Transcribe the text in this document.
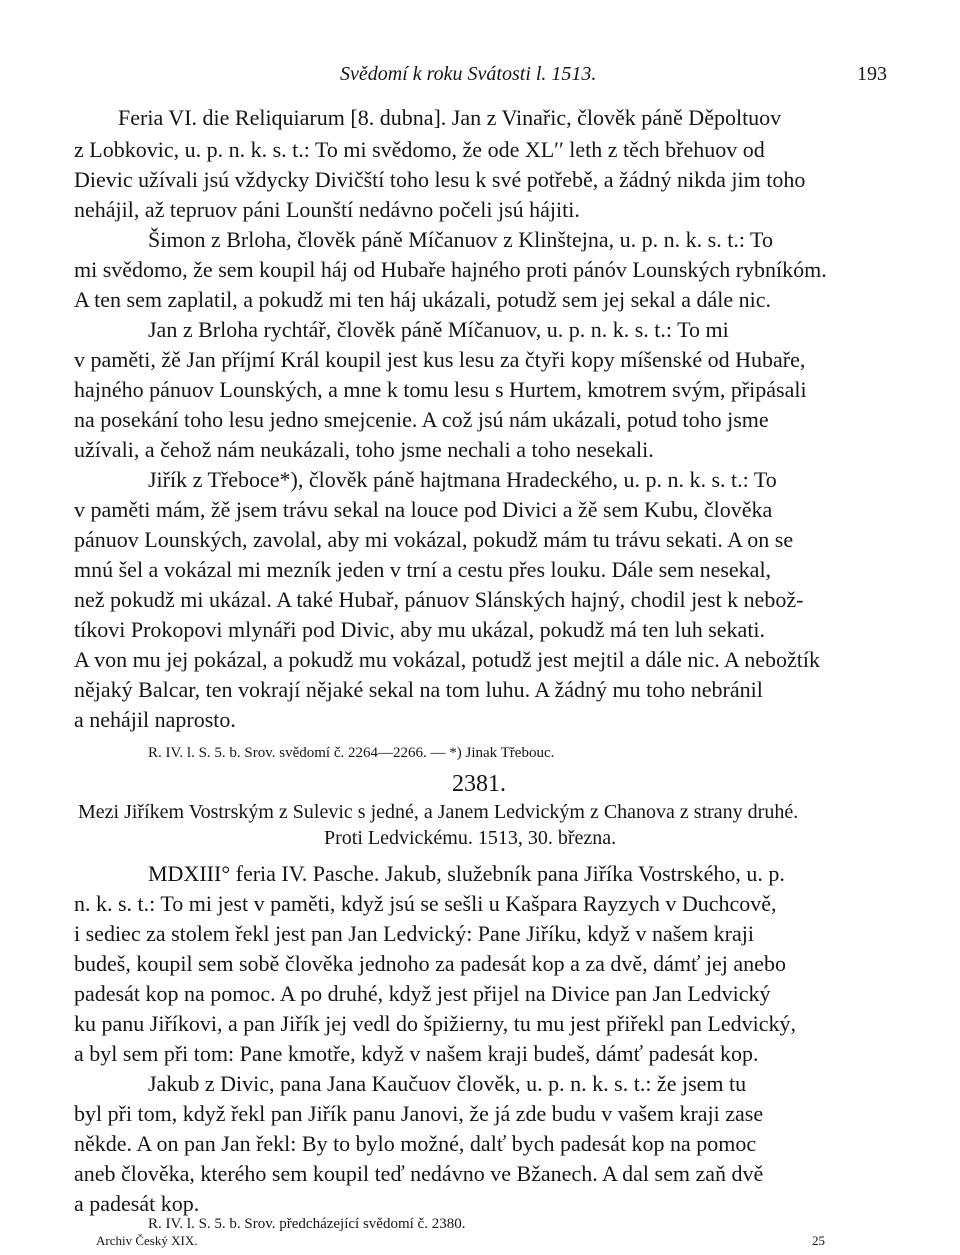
Svědomí k roku Svátosti l. 1513.	193
Feria VI. die Reliquiarum [8. dubna]. Jan z Vinařic, člověk páně Děpoltuov
z Lobkovic, u. p. n. k. s. t.: To mi svědomo, že ode XL′′ leth z těch břehuov od
Dievic užívali jsú vždycky Divičští toho lesu k své potřebě, a žádný nikda jim toho
nehájil, až tepruov páni Lounští nedávno počeli jsú hájiti.
Šimon z Brloha, člověk páně Míčanuov z Klinštejna, u. p. n. k. s. t.: To
mi svědomo, že sem koupil háj od Hubaře hajného proti pánóv Lounských rybníkóm.
A ten sem zaplatil, a pokudž mi ten háj ukázali, potudž sem jej sekal a dále nic.
Jan z Brloha rychtář, člověk páně Míčanuov, u. p. n. k. s. t.: To mi
v paměti, žě Jan příjmí Král koupil jest kus lesu za čtyři kopy míšenské od Hubaře,
hajného pánuov Lounských, a mne k tomu lesu s Hurtem, kmotrem svým, připásali
na posekání toho lesu jedno smejcenie. A což jsú nám ukázali, potud toho jsme
užívali, a čehož nám neukázali, toho jsme nechali a toho nesekali.
Jiřík z Třeboce*), člověk páně hajtmana Hradeckého, u. p. n. k. s. t.: To
v paměti mám, žě jsem trávu sekal na louce pod Divici a žě sem Kubu, člověka
pánuov Lounských, zavolal, aby mi vokázal, pokudž mám tu trávu sekati. A on se
mnú šel a vokázal mi mezník jeden v trní a cestu přes louku. Dále sem nesekal,
než pokudž mi ukázal. A také Hubař, pánuov Slánských hajný, chodil jest k nebož-
tíkovi Prokopovi mlynáři pod Divic, aby mu ukázal, pokudž má ten luh sekati.
A von mu jej pokázal, a pokudž mu vokázal, potudž jest mejtil a dále nic. A nebožtík
nějaký Balcar, ten vokrají nějaké sekal na tom luhu. A žádný mu toho nebránil
a nehájil naprosto.
R. IV. l. S. 5. b. Srov. svědomí č. 2264—2266. — *) Jinak Třebouc.
2381.
Mezi Jiříkem Vostrským z Sulevic s jedné, a Janem Ledvickým z Chanova z strany druhé.
Proti Ledvickému. 1513, 30. března.
MDXIII° feria IV. Pasche. Jakub, služebník pana Jiříka Vostrského, u. p.
n. k. s. t.: To mi jest v paměti, když jsú se sešli u Kašpara Rayzych v Duchcově,
i sediec za stolem řekl jest pan Jan Ledvický: Pane Jiříku, když v našem kraji
budeš, koupil sem sobě člověka jednoho za padesát kop a za dvě, dámť jej anebo
padesát kop na pomoc. A po druhé, když jest přijel na Divice pan Jan Ledvický
ku panu Jiříkovi, a pan Jiřík jej vedl do špižierny, tu mu jest přiřekl pan Ledvický,
a byl sem při tom: Pane kmotře, když v našem kraji budeš, dámť padesát kop.
Jakub z Divic, pana Jana Kaučuov člověk, u. p. n. k. s. t.: že jsem tu
byl při tom, když řekl pan Jiřík panu Janovi, že já zde budu v vašem kraji zase
někde. A on pan Jan řekl: By to bylo možné, dalť bych padesát kop na pomoc
aneb člověka, kterého sem koupil teď nedávno ve Bžanech. A dal sem zaň dvě
a padesát kop.
R. IV. l. S. 5. b. Srov. předcházející svědomí č. 2380.
Archiv Český XIX.	25
